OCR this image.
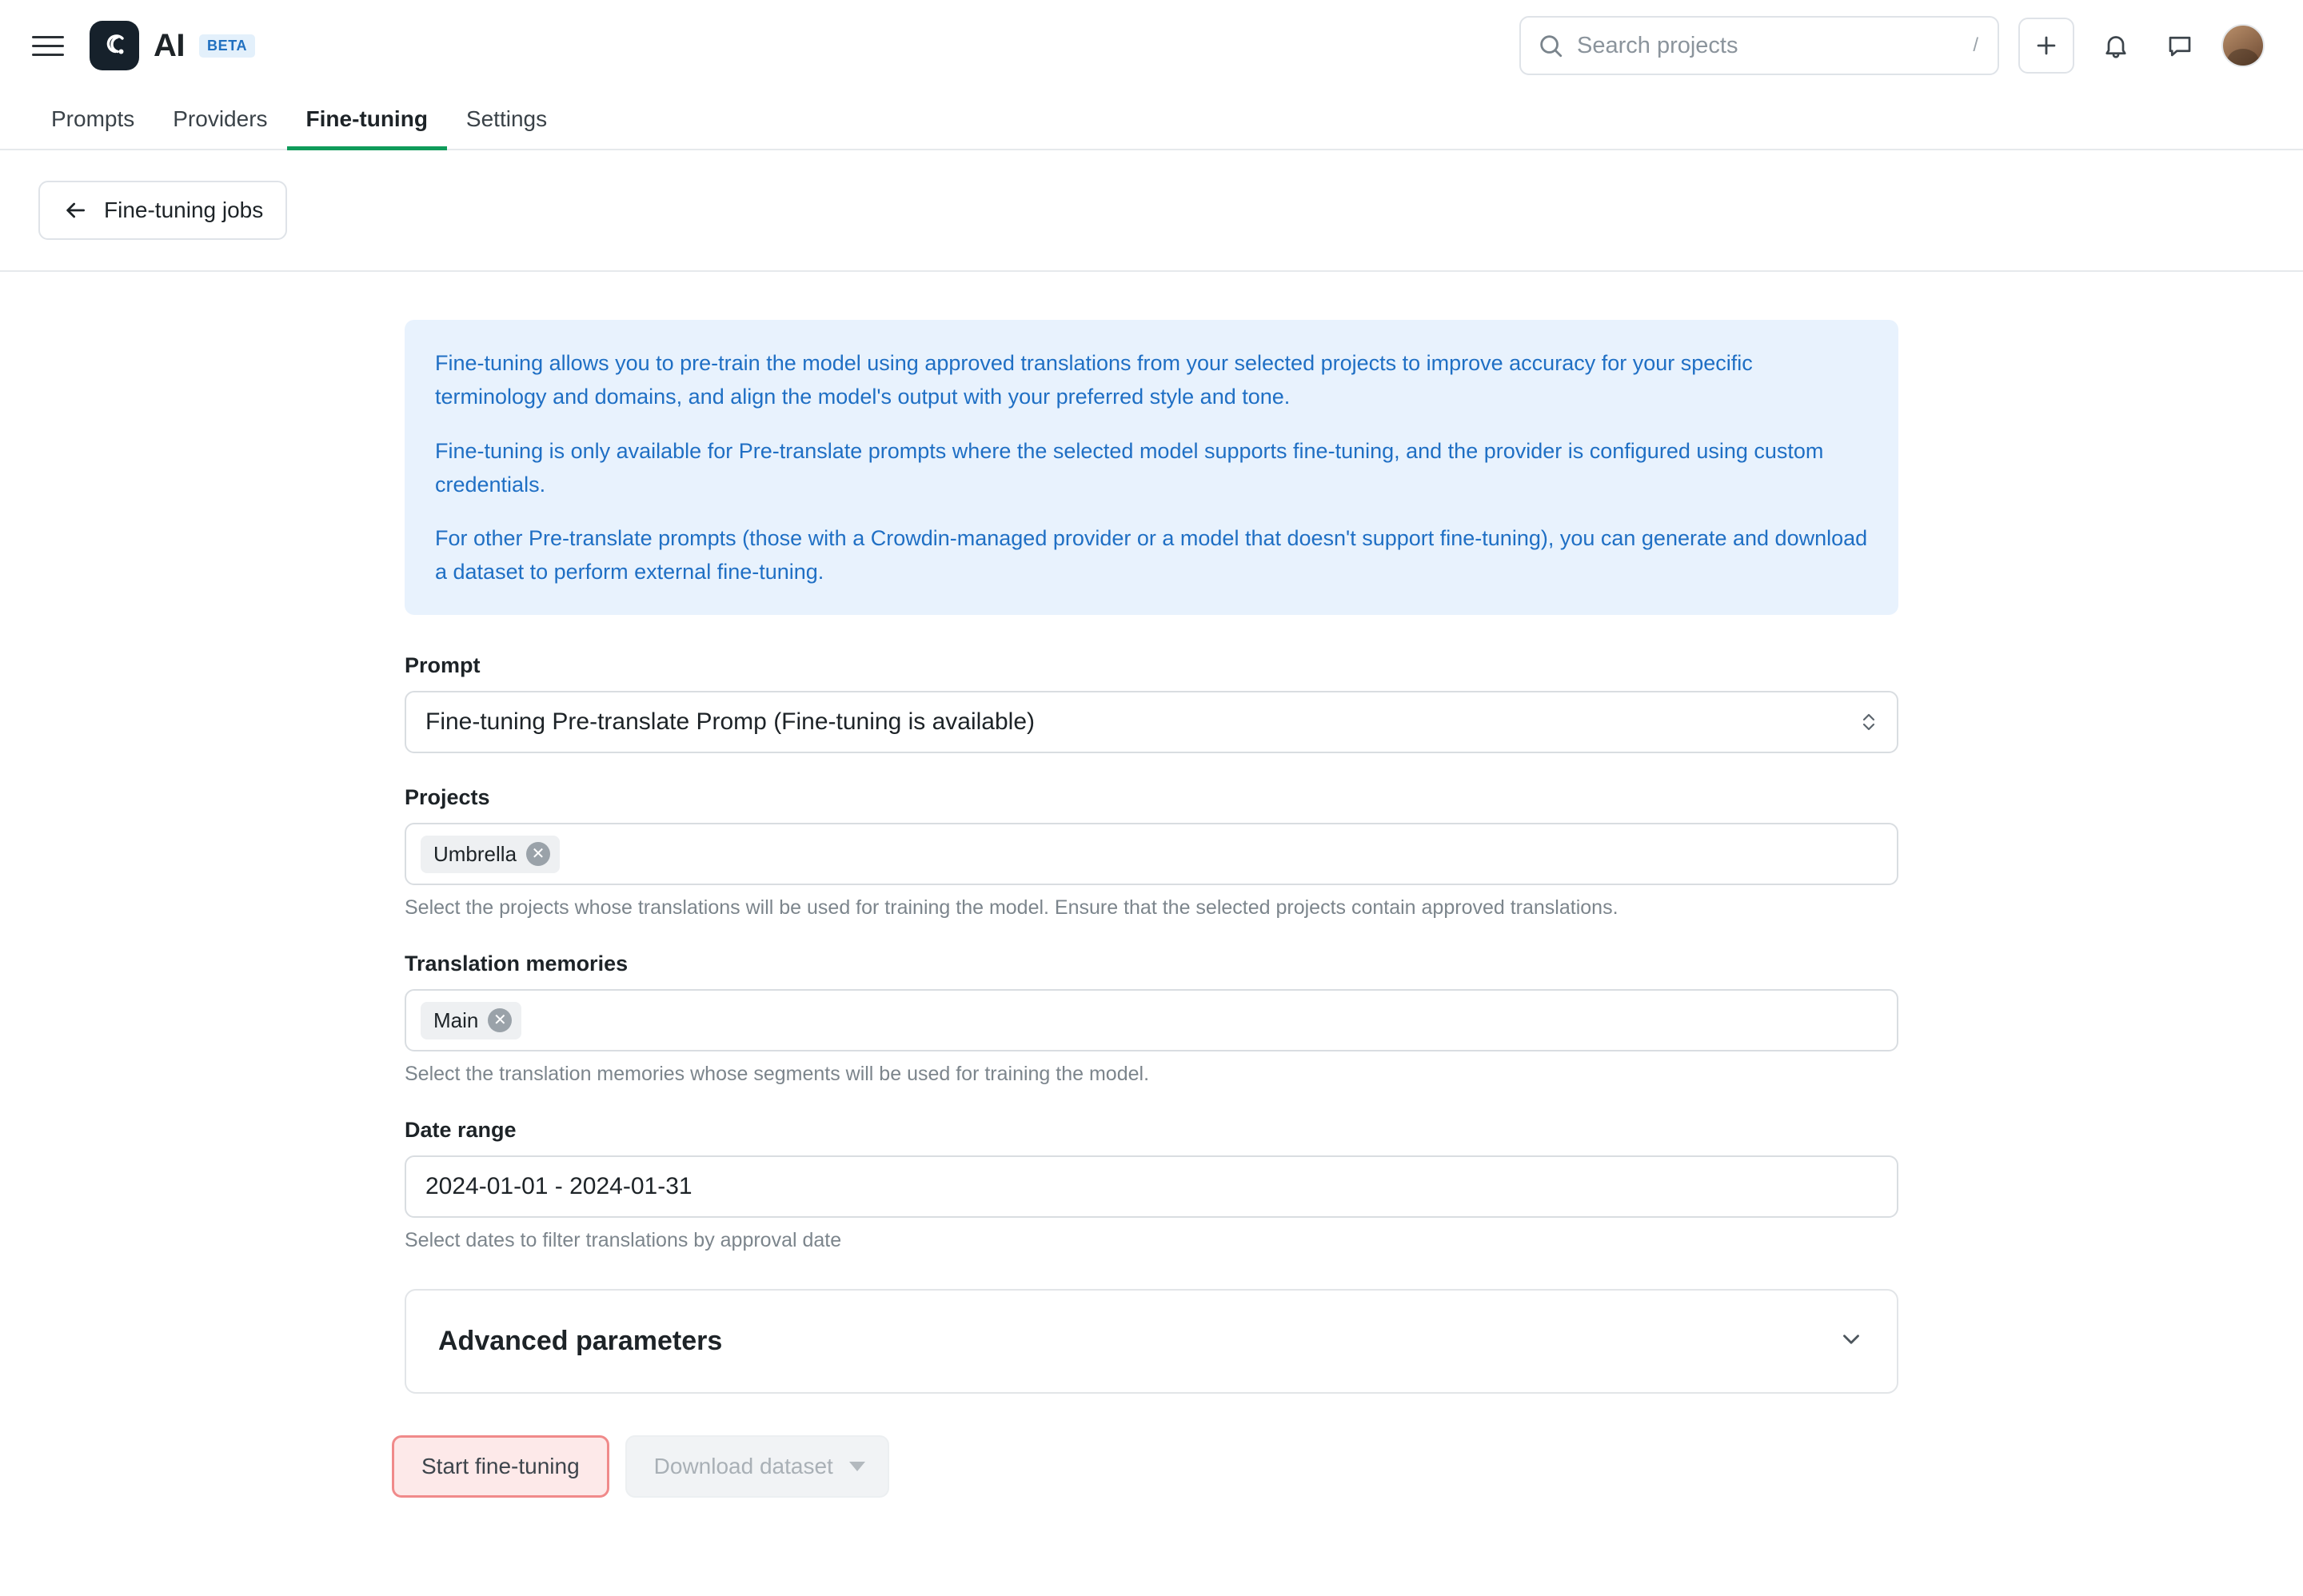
AI	BETA
Search projects	/
Prompts	Providers	Fine-tuning	Settings
Fine-tuning jobs

Fine-tuning allows you to pre-train the model using approved translations from your selected projects to improve accuracy for your specific terminology and domains, and align the model's output with your preferred style and tone.

Fine-tuning is only available for Pre-translate prompts where the selected model supports fine-tuning, and the provider is configured using custom credentials.

For other Pre-translate prompts (those with a Crowdin-managed provider or a model that doesn't support fine-tuning), you can generate and download a dataset to perform external fine-tuning.

Prompt
Fine-tuning Pre-translate Promp (Fine-tuning is available)
Projects
Umbrella ✕
Select the projects whose translations will be used for training the model. Ensure that the selected projects contain approved translations.
Translation memories
Main ✕
Select the translation memories whose segments will be used for training the model.
Date range
2024-01-01 - 2024-01-31
Select dates to filter translations by approval date
Advanced parameters
Start fine-tuning	Download dataset
